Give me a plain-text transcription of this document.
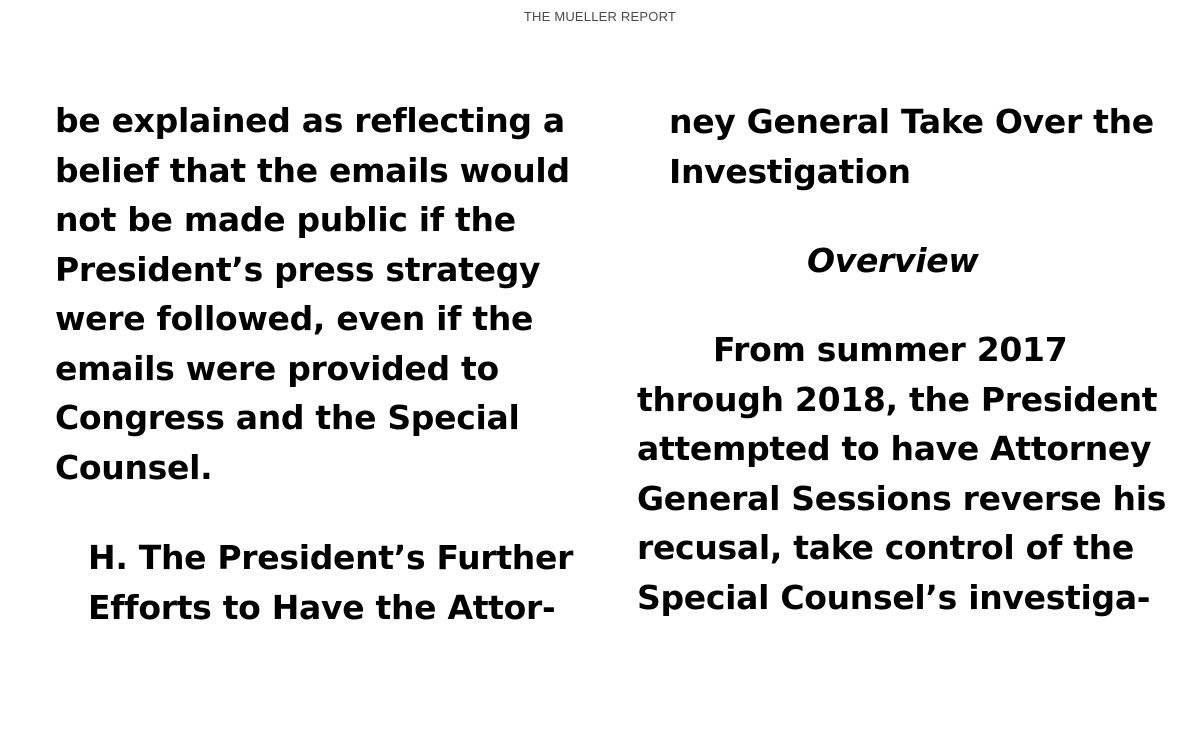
THE MUELLER REPORT
be explained as reflecting a
belief that the emails would
not be made public if the
President’s press strategy
were followed, even if the
emails were provided to
Congress and the Special
Counsel.
H. The President’s Further
Efforts to Have the Attor-
ney General Take Over the
Investigation
Overview
From summer 2017
through 2018, the President
attempted to have Attorney
General Sessions reverse his
recusal, take control of the
Special Counsel’s investiga-
